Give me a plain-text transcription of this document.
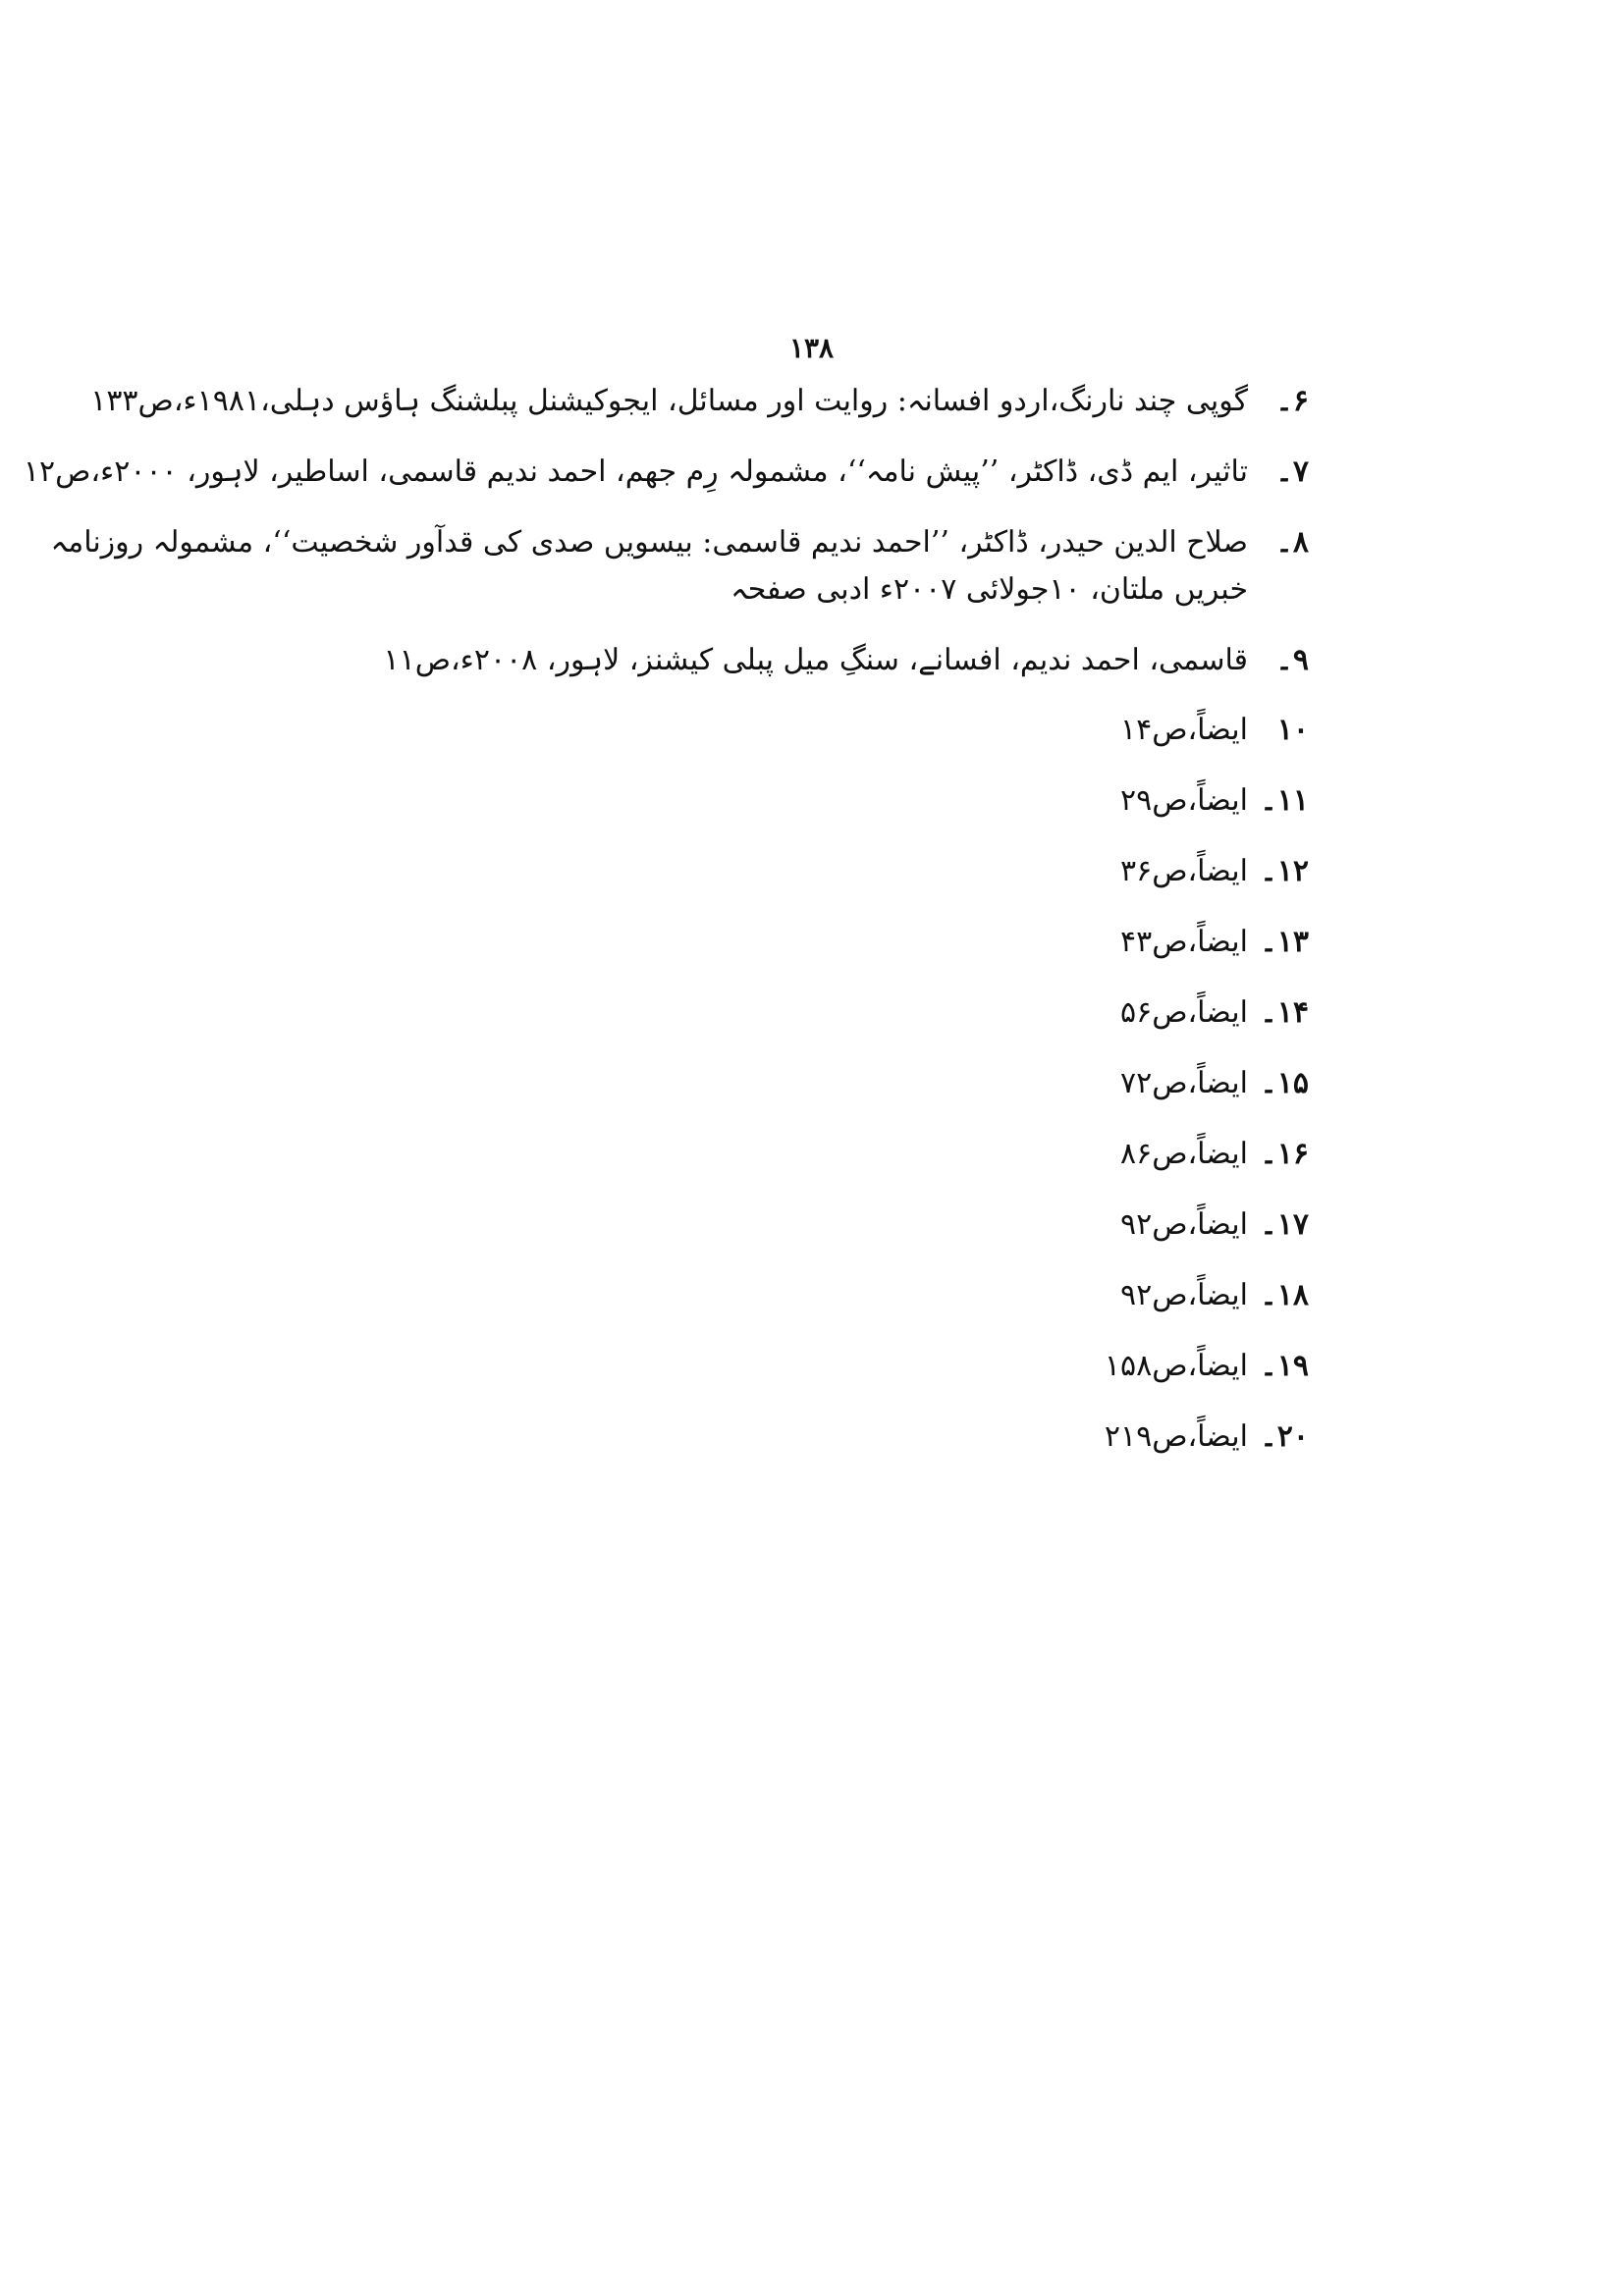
۱۳۸
۶۔
گوپی چند نارنگ،اردو افسانہ: روایت اور مسائل، ایجوکیشنل پبلشنگ ہاؤس دہلی،۱۹۸۱ء،ص۱۳۳
۷۔
تاثیر، ایم ڈی، ڈاکٹر، ’’پیش نامہ‘‘، مشمولہ رِم جھم، احمد ندیم قاسمی، اساطیر، لاہور، ۲۰۰۰ء،ص۱۲
۸۔
صلاح الدین حیدر، ڈاکٹر، ’’احمد ندیم قاسمی: بیسویں صدی کی قدآور شخصیت‘‘، مشمولہ روزنامہ
خبریں ملتان، ۱۰جولائی ۲۰۰۷ء ادبی صفحہ
۹۔
قاسمی، احمد ندیم، افسانے، سنگِ میل پبلی کیشنز، لاہور، ۲۰۰۸ء،ص۱۱
۱۰
ایضاً،ص۱۴
۱۱۔
ایضاً،ص۲۹
۱۲۔
ایضاً،ص۳۶
۱۳۔
ایضاً،ص۴۳
۱۴۔
ایضاً،ص۵۶
۱۵۔
ایضاً،ص۷۲
۱۶۔
ایضاً،ص۸۶
۱۷۔
ایضاً،ص۹۲
۱۸۔
ایضاً،ص۹۲
۱۹۔
ایضاً،ص۱۵۸
۲۰۔
ایضاً،ص۲۱۹
